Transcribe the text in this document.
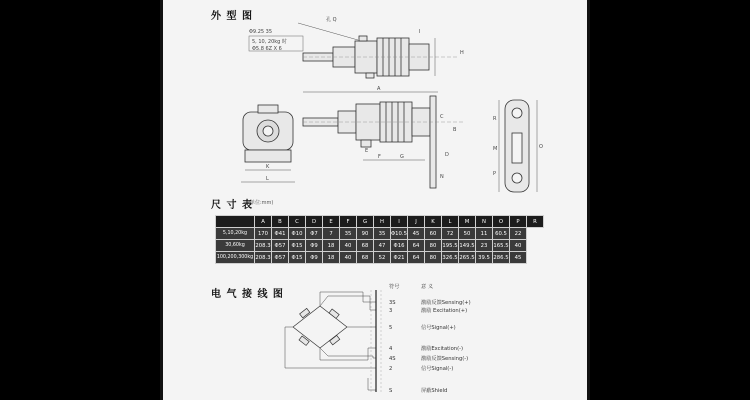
外 型 图	孔 Q
Φ9.25 35
5, 10, 20kg 时
Φ5.8 6Z X 6
H
I
A
F	G
E
B
D
C
N
K
L
M	O
P
R
尺 寸 表
(单位:mm)
	A	B	C	D	E	F	G	H	I	J	K	L	M	N	O	P	R
5,10,20kg	170	Φ41	Φ10	Φ7	7	35	90	35	Φ10.5	45	60	72	50	11	60.5	22	
30,60kg	208.3	Φ57	Φ15	Φ9	18	40	68	47	Φ16	64	80	195.5	149.5	23	165.5	40	
100,200,300kg	208.3	Φ57	Φ15	Φ9	18	40	68	52	Φ21	64	80	326.5	265.5	39.5	286.5	45	
电 气 接 线 图
符号	意 义
3S	激励反馈Sensing(+)
3	激励 Excitation(+)
5	信号Signal(+)
4	激励Excitation(-)
4S	激励反馈Sensing(-)
2	信号Signal(-)
S	屏蔽Shield
